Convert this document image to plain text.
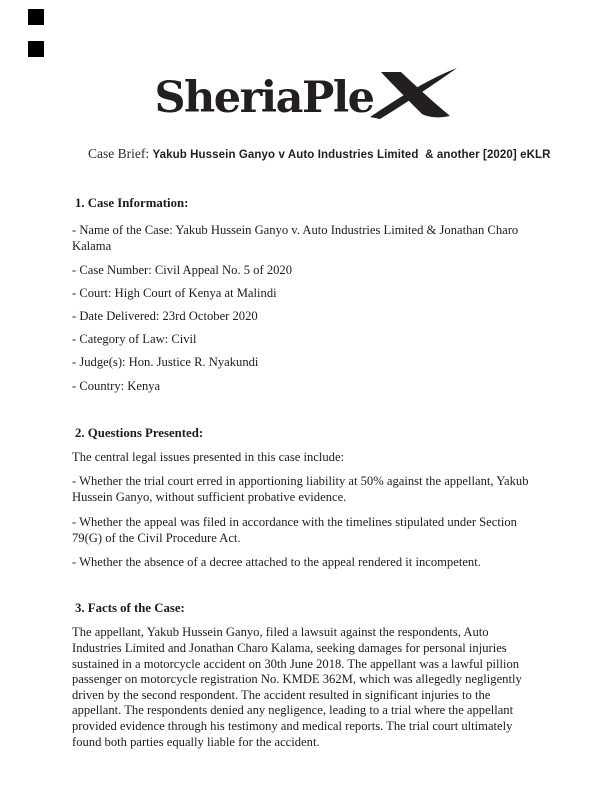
SheriaPle

Case Brief: Yakub Hussein Ganyo v Auto Industries Limited  & another [2020] eKLR

1. Case Information:

- Name of the Case: Yakub Hussein Ganyo v. Auto Industries Limited & Jonathan Charo Kalama

- Case Number: Civil Appeal No. 5 of 2020

- Court: High Court of Kenya at Malindi

- Date Delivered: 23rd October 2020

- Category of Law: Civil

- Judge(s): Hon. Justice R. Nyakundi

- Country: Kenya

2. Questions Presented:

The central legal issues presented in this case include:

- Whether the trial court erred in apportioning liability at 50% against the appellant, Yakub Hussein Ganyo, without sufficient probative evidence.

- Whether the appeal was filed in accordance with the timelines stipulated under Section 79(G) of the Civil Procedure Act.

- Whether the absence of a decree attached to the appeal rendered it incompetent.

3. Facts of the Case:

The appellant, Yakub Hussein Ganyo, filed a lawsuit against the respondents, Auto Industries Limited and Jonathan Charo Kalama, seeking damages for personal injuries sustained in a motorcycle accident on 30th June 2018. The appellant was a lawful pillion passenger on motorcycle registration No. KMDE 362M, which was allegedly negligently driven by the second respondent. The accident resulted in significant injuries to the appellant. The respondents denied any negligence, leading to a trial where the appellant provided evidence through his testimony and medical reports. The trial court ultimately found both parties equally liable for the accident.
